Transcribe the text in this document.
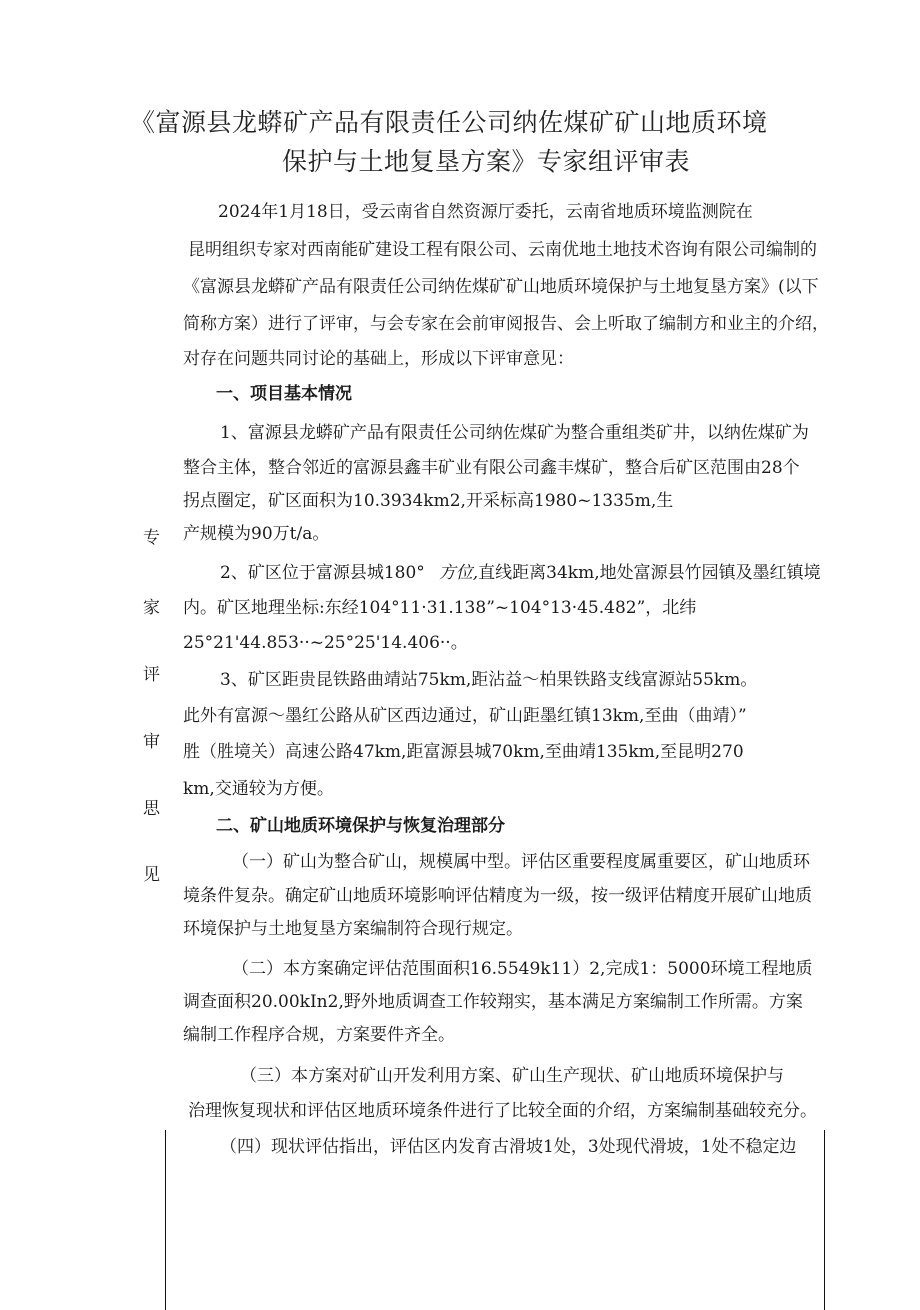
《富源县龙蟒矿产品有限责任公司纳佐煤矿矿山地质环境
保护与土地复垦方案》专家组评审表
专
家
评
审
思
见
2024年1月18日，受云南省自然资源厅委托，云南省地质环境监测院在
昆明组织专家对西南能矿建设工程有限公司、云南优地土地技术咨询有限公司编制的
《富源县龙蟒矿产品有限责任公司纳佐煤矿矿山地质环境保护与土地复垦方案》(以下
简称方案）进行了评审，与会专家在会前审阅报告、会上听取了编制方和业主的介绍，
对存在问题共同讨论的基础上，形成以下评审意见：
一、项目基本情况
1、富源县龙蟒矿产品有限责任公司纳佐煤矿为整合重组类矿井，以纳佐煤矿为
整合主体，整合邻近的富源县鑫丰矿业有限公司鑫丰煤矿，整合后矿区范围由28个
拐点圈定，矿区面积为10.3934km2,开采标高1980~1335m,生
产规模为90万t/a。
2、矿区位于富源县城180° 方位,直线距离34km,地处富源县竹园镇及墨红镇境
内。矿区地理坐标:东经104°11·31.138”~104°13·45.482”，北纬
25°21'44.853··~25°25'14.406··。
3、矿区距贵昆铁路曲靖站75km,距沾益～柏果铁路支线富源站55km。
此外有富源～墨红公路从矿区西边通过，矿山距墨红镇13km,至曲（曲靖）”
胜（胜境关）高速公路47km,距富源县城70km,至曲靖135km,至昆明270
km,交通较为方便。
二、矿山地质环境保护与恢复治理部分
（一）矿山为整合矿山，规模属中型。评估区重要程度属重要区，矿山地质环
境条件复杂。确定矿山地质环境影响评估精度为一级，按一级评估精度开展矿山地质
环境保护与土地复垦方案编制符合现行规定。
（二）本方案确定评估范围面积16.5549k11）2,完成1：5000环境工程地质
调查面积20.00kIn2,野外地质调查工作较翔实，基本满足方案编制工作所需。方案
编制工作程序合规，方案要件齐全。
（三）本方案对矿山开发利用方案、矿山生产现状、矿山地质环境保护与
治理恢复现状和评估区地质环境条件进行了比较全面的介绍，方案编制基础较充分。
（四）现状评估指出，评估区内发育古滑坡1处，3处现代滑坡，1处不稳定边
